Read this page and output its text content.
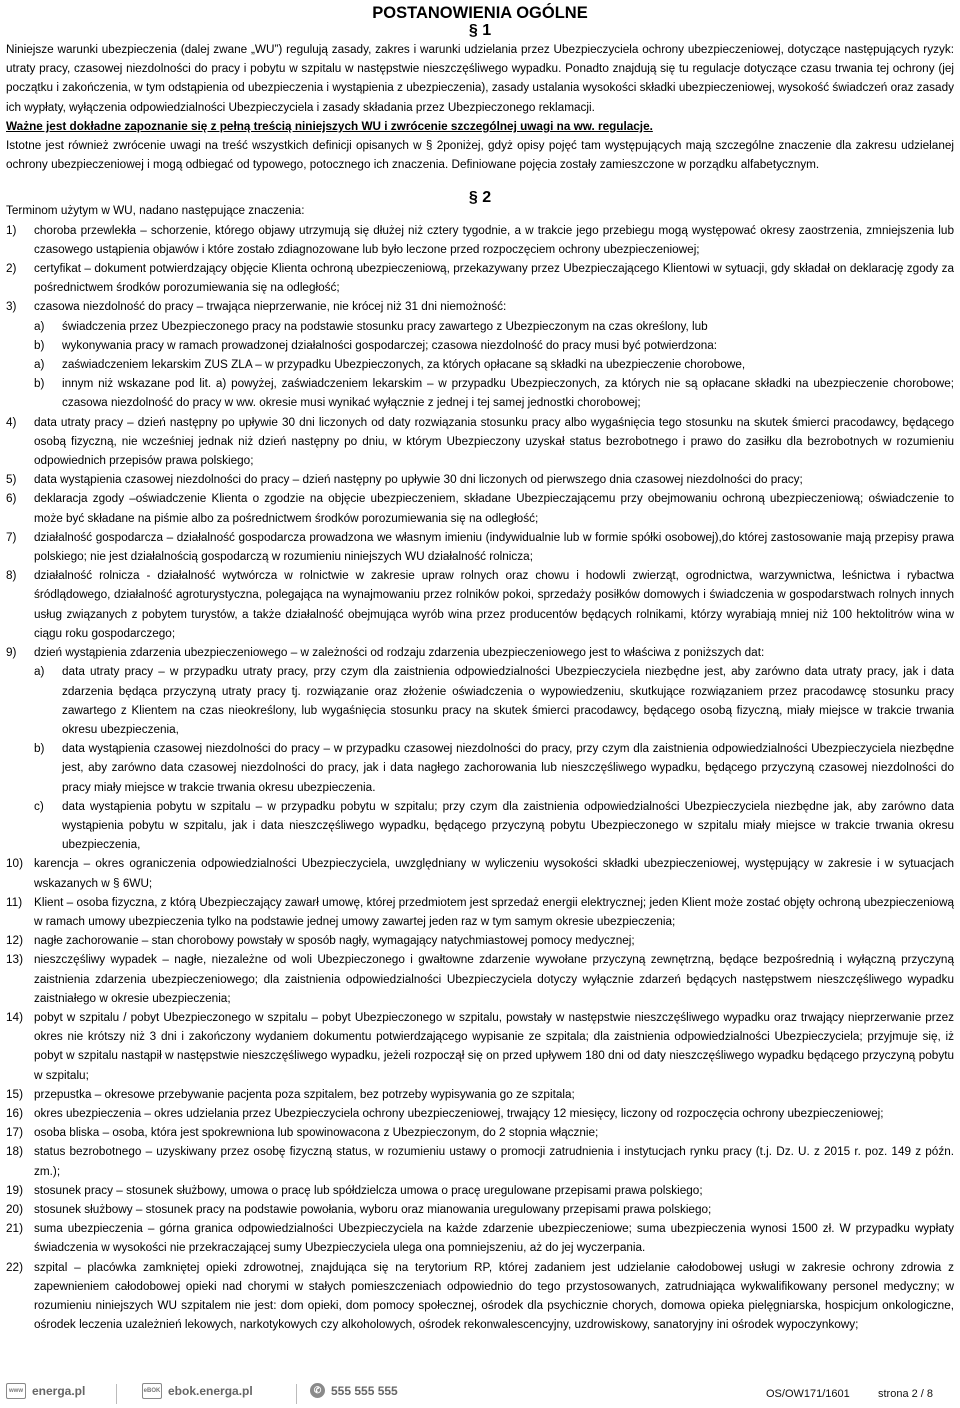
POSTANOWIENIA OGÓLNE
§ 1
§ 2

Niniejsze warunki ubezpieczenia (dalej zwane „WU”) regulują zasady, zakres i warunki udzielania przez Ubezpieczyciela ochrony ubezpieczeniowej, dotyczące następujących ryzyk: utraty pracy, czasowej niezdolności do pracy i pobytu w szpitalu w następstwie nieszczęśliwego wypadku. Ponadto znajdują się tu regulacje dotyczące czasu trwania tej ochrony (jej początku i zakończenia, w tym odstąpienia od ubezpieczenia i wystąpienia z ubezpieczenia), zasady ustalania wysokości składki ubezpieczeniowej, wysokość świadczeń oraz zasady ich wypłaty, wyłączenia odpowiedzialności Ubezpieczyciela i zasady składania przez Ubezpieczonego reklamacji.

Ważne jest dokładne zapoznanie się z pełną treścią niniejszych WU i zwrócenie szczególnej uwagi na ww. regulacje.

Istotne jest również zwrócenie uwagi na treść wszystkich definicji opisanych w § 2poniżej, gdyż opisy pojęć tam występujących mają szczególne znaczenie dla zakresu udzielanej ochrony ubezpieczeniowej i mogą odbiegać od typowego, potocznego ich znaczenia. Definiowane pojęcia zostały zamieszczone w porządku alfabetycznym.

Terminom użytym w WU, nadano następujące znaczenia:

1)	choroba przewlekła – schorzenie, którego objawy utrzymują się dłużej niż cztery tygodnie, a w trakcie jego przebiegu mogą występować okresy zaostrzenia, zmniejszenia lub czasowego ustąpienia objawów i które zostało zdiagnozowane lub było leczone przed rozpoczęciem ochrony ubezpieczeniowej;
2)	certyfikat – dokument potwierdzający objęcie Klienta ochroną ubezpieczeniową, przekazywany przez Ubezpieczającego Klientowi w sytuacji, gdy składał on deklarację zgody za pośrednictwem środków porozumiewania się na odległość;
3)	czasowa niezdolność do pracy – trwająca nieprzerwanie, nie krócej niż 31 dni niemożność:
a)	świadczenia przez Ubezpieczonego pracy na podstawie stosunku pracy zawartego z Ubezpieczonym na czas określony, lub
b)	wykonywania pracy w ramach prowadzonej działalności gospodarczej; czasowa niezdolność do pracy musi być potwierdzona:
a)	zaświadczeniem lekarskim ZUS ZLA – w przypadku Ubezpieczonych, za których opłacane są składki na ubezpieczenie chorobowe,
b)	innym niż wskazane pod lit. a) powyżej, zaświadczeniem lekarskim – w przypadku Ubezpieczonych, za których nie są opłacane składki na ubezpieczenie chorobowe; czasowa niezdolność do pracy w ww. okresie musi wynikać wyłącznie z jednej i tej samej jednostki chorobowej;
4)	data utraty pracy – dzień następny po upływie 30 dni liczonych od daty rozwiązania stosunku pracy albo wygaśnięcia tego stosunku na skutek śmierci pracodawcy, będącego osobą fizyczną, nie wcześniej jednak niż dzień następny po dniu, w którym Ubezpieczony uzyskał status bezrobotnego i prawo do zasiłku dla bezrobotnych w rozumieniu odpowiednich przepisów prawa polskiego;
5)	data wystąpienia czasowej niezdolności do pracy – dzień następny po upływie 30 dni liczonych od pierwszego dnia czasowej niezdolności do pracy;
6)	deklaracja zgody –oświadczenie Klienta o zgodzie na objęcie ubezpieczeniem, składane Ubezpieczającemu przy obejmowaniu ochroną ubezpieczeniową; oświadczenie to może być składane na piśmie albo za pośrednictwem środków porozumiewania się na odległość;
7)	działalność gospodarcza – działalność gospodarcza prowadzona we własnym imieniu (indywidualnie lub w formie spółki osobowej),do której zastosowanie mają przepisy prawa polskiego; nie jest działalnością gospodarczą w rozumieniu niniejszych WU działalność rolnicza;
8)	działalność rolnicza - działalność wytwórcza w rolnictwie w zakresie upraw rolnych oraz chowu i hodowli zwierząt, ogrodnictwa, warzywnictwa, leśnictwa i rybactwa śródlądowego, działalność agroturystyczna, polegająca na wynajmowaniu przez rolników pokoi, sprzedaży posiłków domowych i świadczenia w gospodarstwach rolnych innych usług związanych z pobytem turystów, a także działalność obejmująca wyrób wina przez producentów będących rolnikami, którzy wyrabiają mniej niż 100 hektolitrów wina w ciągu roku gospodarczego;
9)	dzień wystąpienia zdarzenia ubezpieczeniowego – w zależności od rodzaju zdarzenia ubezpieczeniowego jest to właściwa z poniższych dat:
a)	data utraty pracy – w przypadku utraty pracy, przy czym dla zaistnienia odpowiedzialności Ubezpieczyciela niezbędne jest, aby zarówno data utraty pracy, jak i data zdarzenia będąca przyczyną utraty pracy tj. rozwiązanie oraz złożenie oświadczenia o wypowiedzeniu, skutkujące rozwiązaniem przez pracodawcę stosunku pracy zawartego z Klientem na czas nieokreślony, lub wygaśnięcia stosunku pracy na skutek śmierci pracodawcy, będącego osobą fizyczną, miały miejsce w trakcie trwania okresu ubezpieczenia,
b)	data wystąpienia czasowej niezdolności do pracy – w przypadku czasowej niezdolności do pracy, przy czym dla zaistnienia odpowiedzialności Ubezpieczyciela niezbędne jest, aby zarówno data czasowej niezdolności do pracy, jak i data nagłego zachorowania lub nieszczęśliwego wypadku, będącego przyczyną czasowej niezdolności do pracy miały miejsce w trakcie trwania okresu ubezpieczenia.
c)	data wystąpienia pobytu w szpitalu – w przypadku pobytu w szpitalu; przy czym dla zaistnienia odpowiedzialności Ubezpieczyciela niezbędne jak, aby zarówno data wystąpienia pobytu w szpitalu, jak i data nieszczęśliwego wypadku, będącego przyczyną pobytu Ubezpieczonego w szpitalu miały miejsce w trakcie trwania okresu ubezpieczenia,
10) karencja – okres ograniczenia odpowiedzialności Ubezpieczyciela, uwzględniany w wyliczeniu wysokości składki ubezpieczeniowej, występujący w zakresie i w sytuacjach wskazanych w § 6WU;
11)	Klient – osoba fizyczna, z którą Ubezpieczający zawarł umowę, której przedmiotem jest sprzedaż energii elektrycznej; jeden Klient może zostać objęty ochroną ubezpieczeniową w ramach umowy ubezpieczenia tylko na podstawie jednej umowy zawartej jeden raz w tym samym okresie ubezpieczenia;
12) nagłe zachorowanie – stan chorobowy powstały w sposób nagły, wymagający natychmiastowej pomocy medycznej;
13) nieszczęśliwy wypadek – nagłe, niezależne od woli Ubezpieczonego i gwałtowne zdarzenie wywołane przyczyną zewnętrzną, będące bezpośrednią i wyłączną przyczyną zaistnienia zdarzenia ubezpieczeniowego; dla zaistnienia odpowiedzialności Ubezpieczyciela dotyczy wyłącznie zdarzeń będących następstwem nieszczęśliwego wypadku zaistniałego w okresie ubezpieczenia;
14) pobyt w szpitalu / pobyt Ubezpieczonego w szpitalu – pobyt Ubezpieczonego w szpitalu, powstały w następstwie nieszczęśliwego wypadku oraz trwający nieprzerwanie przez okres nie krótszy niż 3 dni i zakończony wydaniem dokumentu potwierdzającego wypisanie ze szpitala; dla zaistnienia odpowiedzialności Ubezpieczyciela; przyjmuje się, iż pobyt w szpitalu nastąpił w następstwie nieszczęśliwego wypadku, jeżeli rozpoczął się on przed upływem 180 dni od daty nieszczęśliwego wypadku będącego przyczyną pobytu w szpitalu;
15) przepustka – okresowe przebywanie pacjenta poza szpitalem, bez potrzeby wypisywania go ze szpitala;
16) okres ubezpieczenia – okres udzielania przez Ubezpieczyciela ochrony ubezpieczeniowej, trwający 12 miesięcy, liczony od rozpoczęcia ochrony ubezpieczeniowej;
17) osoba bliska – osoba, która jest spokrewniona lub spowinowacona z Ubezpieczonym, do 2 stopnia włącznie;
18) status bezrobotnego – uzyskiwany przez osobę fizyczną status, w rozumieniu ustawy o promocji zatrudnienia i instytucjach rynku pracy (t.j. Dz. U. z 2015 r. poz. 149 z późn. zm.);
19) stosunek pracy – stosunek służbowy, umowa o pracę lub spółdzielcza umowa o pracę uregulowane przepisami prawa polskiego;
20) stosunek służbowy – stosunek pracy na podstawie powołania, wyboru oraz mianowania uregulowany przepisami prawa polskiego;
21) suma ubezpieczenia – górna granica odpowiedzialności Ubezpieczyciela na każde zdarzenie ubezpieczeniowe; suma ubezpieczenia wynosi 1500 zł. W przypadku wypłaty świadczenia w wysokości nie przekraczającej sumy Ubezpieczyciela ulega ona pomniejszeniu, aż do jej wyczerpania.
22) szpital – placówka zamkniętej opieki zdrowotnej, znajdująca się na terytorium RP, której zadaniem jest udzielanie całodobowej usługi w zakresie ochrony zdrowia z zapewnieniem całodobowej opieki nad chorymi w stałych pomieszczeniach odpowiednio do tego przystosowanych, zatrudniająca wykwalifikowany personel medyczny; w rozumieniu niniejszych WU szpitalem nie jest: dom opieki, dom pomocy społecznej, ośrodek dla psychicznie chorych, domowa opieka pielęgniarska, hospicjum onkologiczne, ośrodek leczenia uzależnień lekowych, narkotykowych czy alkoholowych, ośrodek rekonwalescencyjny, uzdrowiskowy, sanatoryjny ini ośrodek wypoczynkowy;
www energa.pl	eBOK ebok.energa.pl	✆ 555 555 555	OS/OW171/1601	strona 2 / 8
